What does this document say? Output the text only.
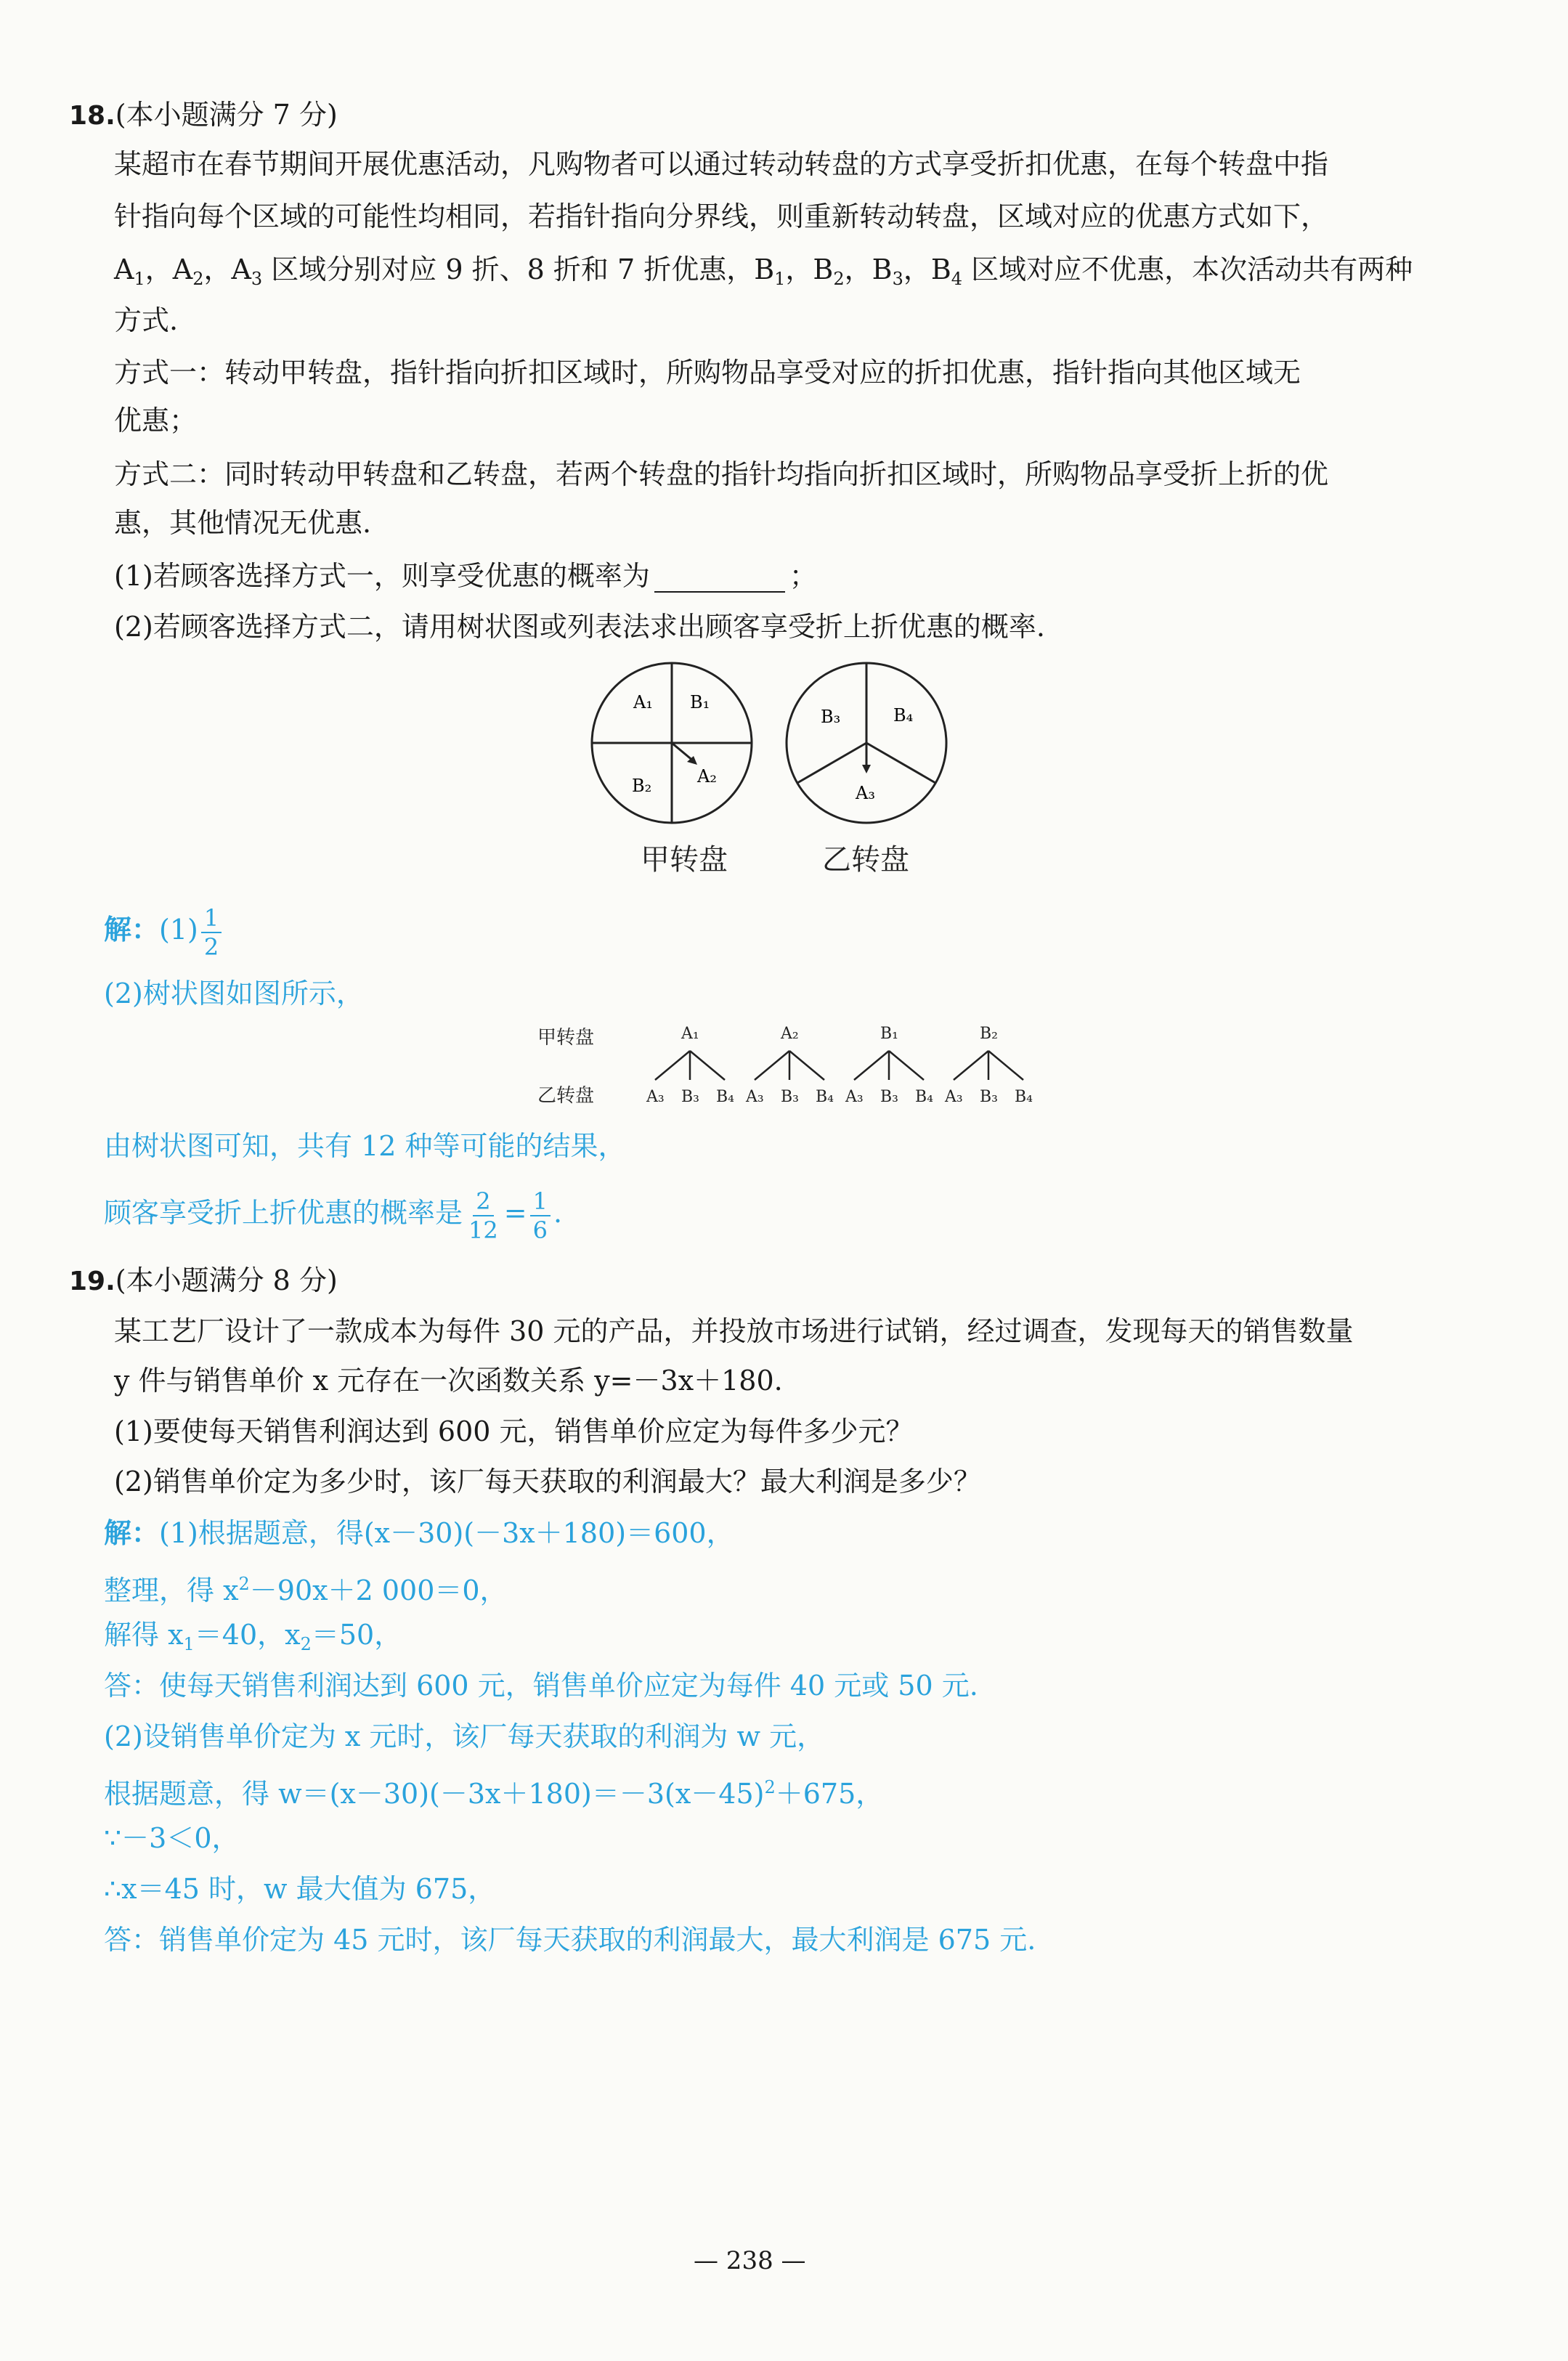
18.(本小题满分 7 分)
某超市在春节期间开展优惠活动，凡购物者可以通过转动转盘的方式享受折扣优惠，在每个转盘中指
针指向每个区域的可能性均相同，若指针指向分界线，则重新转动转盘，区域对应的优惠方式如下，
$A_1$，$A_2$，$A_3$ 区域分别对应 9 折、8 折和 7 折优惠，$B_1$，$B_2$，$B_3$，$B_4$ 区域对应不优惠，本次活动共有两种
方式.
方式一：转动甲转盘，指针指向折扣区域时，所购物品享受对应的折扣优惠，指针指向其他区域无
优惠；
方式二：同时转动甲转盘和乙转盘，若两个转盘的指针均指向折扣区域时，所购物品享受折上折的优
惠，其他情况无优惠.
(1)若顾客选择方式一，则享受优惠的概率为	；
(2)若顾客选择方式二，请用树状图或列表法求出顾客享受折上折优惠的概率.
A₁ B₁
B₂	A₂
甲转盘
B₃	B₄
A₃
乙转盘
解：$(1) \frac{1}{2}$
(2)树状图如图所示，
甲转盘
乙转盘
A₁
A₃ B₃ B₄
A₂
A₃ B₃ B₄
B₁
A₃ B₃ B₄
B₂
A₃ B₃ B₄
由树状图可知，共有 12 种等可能的结果，
顾客享受折上折优惠的概率是 $\frac{2}{12} = \frac{1}{6}$ .
19.(本小题满分 8 分)
某工艺厂设计了一款成本为每件 30 元的产品，并投放市场进行试销，经过调查，发现每天的销售数量
y 件与销售单价 x 元存在一次函数关系 y=－3x＋180.
(1)要使每天销售利润达到 600 元，销售单价应定为每件多少元？
(2)销售单价定为多少时，该厂每天获取的利润最大？最大利润是多少？
解：(1)根据题意，得(x－30)(－3x＋180)＝600，
整理，得 $x^2-90x+2$ 000＝0，
解得 $x_1=40$，$x_2=50$，
答：使每天销售利润达到 600 元，销售单价应定为每件 40 元或 50 元.
(2)设销售单价定为 x 元时，该厂每天获取的利润为 w 元，
根据题意，得 $w=(x-30)(-3x+180)=-3(x-45)^2+675$，
∵－3＜0，
∴x＝45 时，w 最大值为 675，
答：销售单价定为 45 元时，该厂每天获取的利润最大，最大利润是 675 元.
— 238 —
